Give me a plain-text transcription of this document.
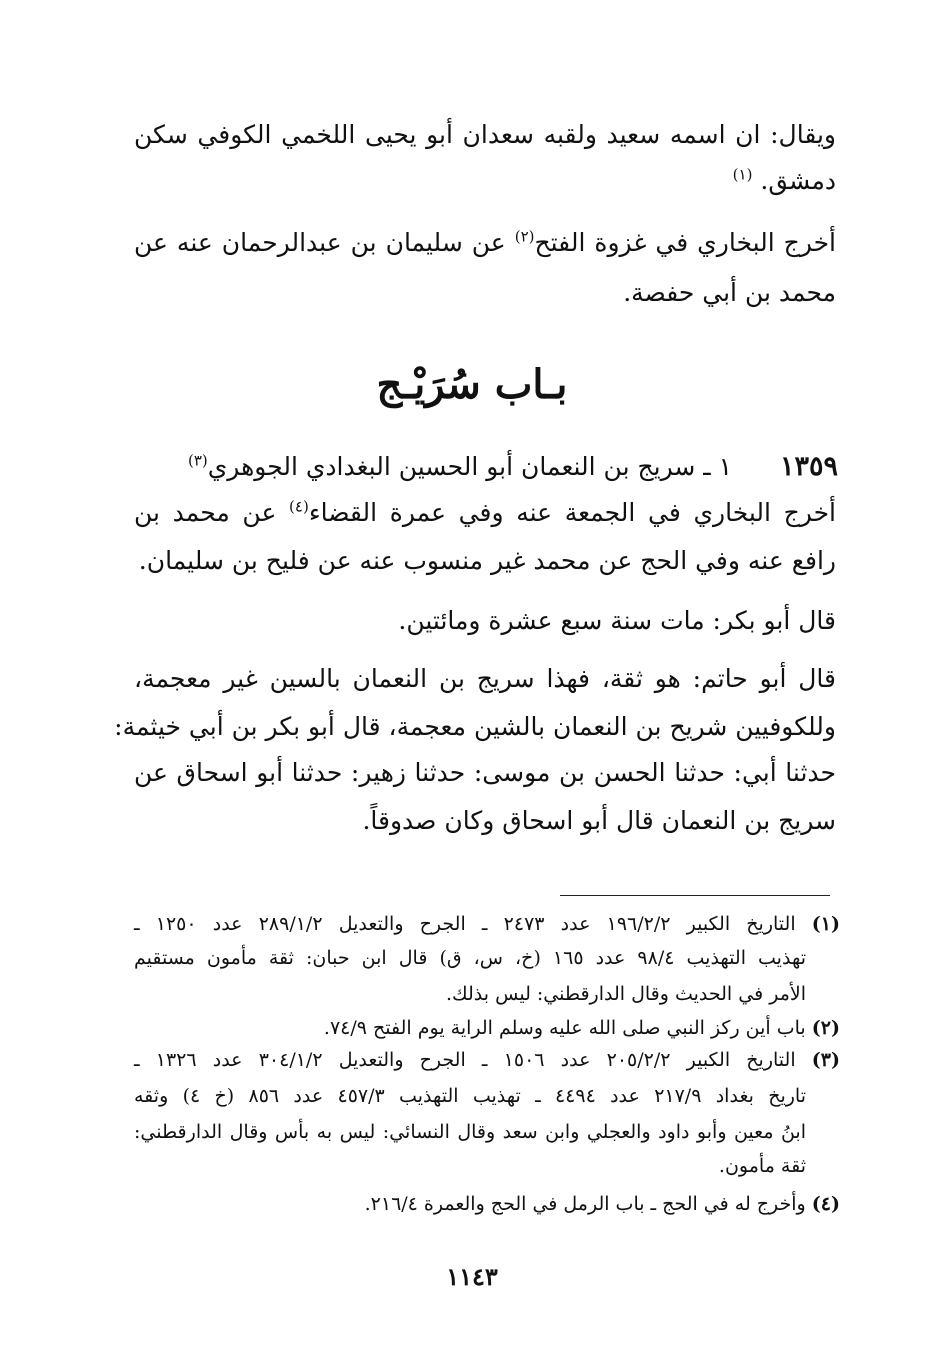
ويقال: ان اسمه سعيد ولقبه سعدان أبو يحيى اللخمي الكوفي سكن
دمشق. $^{(١)}$
أخرج البخاري في غزوة الفتح$^{(٢)}$ عن سليمان بن عبدالرحمان عنه عن
محمد بن أبي حفصة.
بـاب سُرَيْـج
١٣٥٩
١ ـ سريج بن النعمان أبو الحسين البغدادي الجوهري$^{(٣)}$
أخرج البخاري في الجمعة عنه وفي عمرة القضاء$^{(٤)}$ عن محمد بن
رافع عنه وفي الحج عن محمد غير منسوب عنه عن فليح بن سليمان.
قال أبو بكر: مات سنة سبع عشرة ومائتين.
قال أبو حاتم: هو ثقة، فهذا سريج بن النعمان بالسين غير معجمة،
وللكوفيين شريح بن النعمان بالشين معجمة، قال أبو بكر بن أبي خيثمة:
حدثنا أبي: حدثنا الحسن بن موسى: حدثنا زهير: حدثنا أبو اسحاق عن
سريج بن النعمان قال أبو اسحاق وكان صدوقاً.
(١) التاريخ الكبير ١٩٦/٢/٢ عدد ٢٤٧٣ ـ الجرح والتعديل ٢٨٩/١/٢ عدد ١٢٥٠ ـ
تهذيب التهذيب ٩٨/٤ عدد ١٦٥ (خ، س، ق) قال ابن حبان: ثقة مأمون مستقيم
الأمر في الحديث وقال الدارقطني: ليس بذلك.
(٢) باب أين ركز النبي صلى الله عليه وسلم الراية يوم الفتح ٧٤/٩.
(٣) التاريخ الكبير ٢٠٥/٢/٢ عدد ١٥٠٦ ـ الجرح والتعديل ٣٠٤/١/٢ عدد ١٣٢٦ ـ
تاريخ بغداد ٢١٧/٩ عدد ٤٤٩٤ ـ تهذيب التهذيب ٤٥٧/٣ عدد ٨٥٦ (خ ٤) وثقه
ابنُ معين وأبو داود والعجلي وابن سعد وقال النسائي: ليس به بأس وقال الدارقطني:
ثقة مأمون.
(٤) وأخرج له في الحج ـ باب الرمل في الحج والعمرة ٢١٦/٤.
١١٤٣
